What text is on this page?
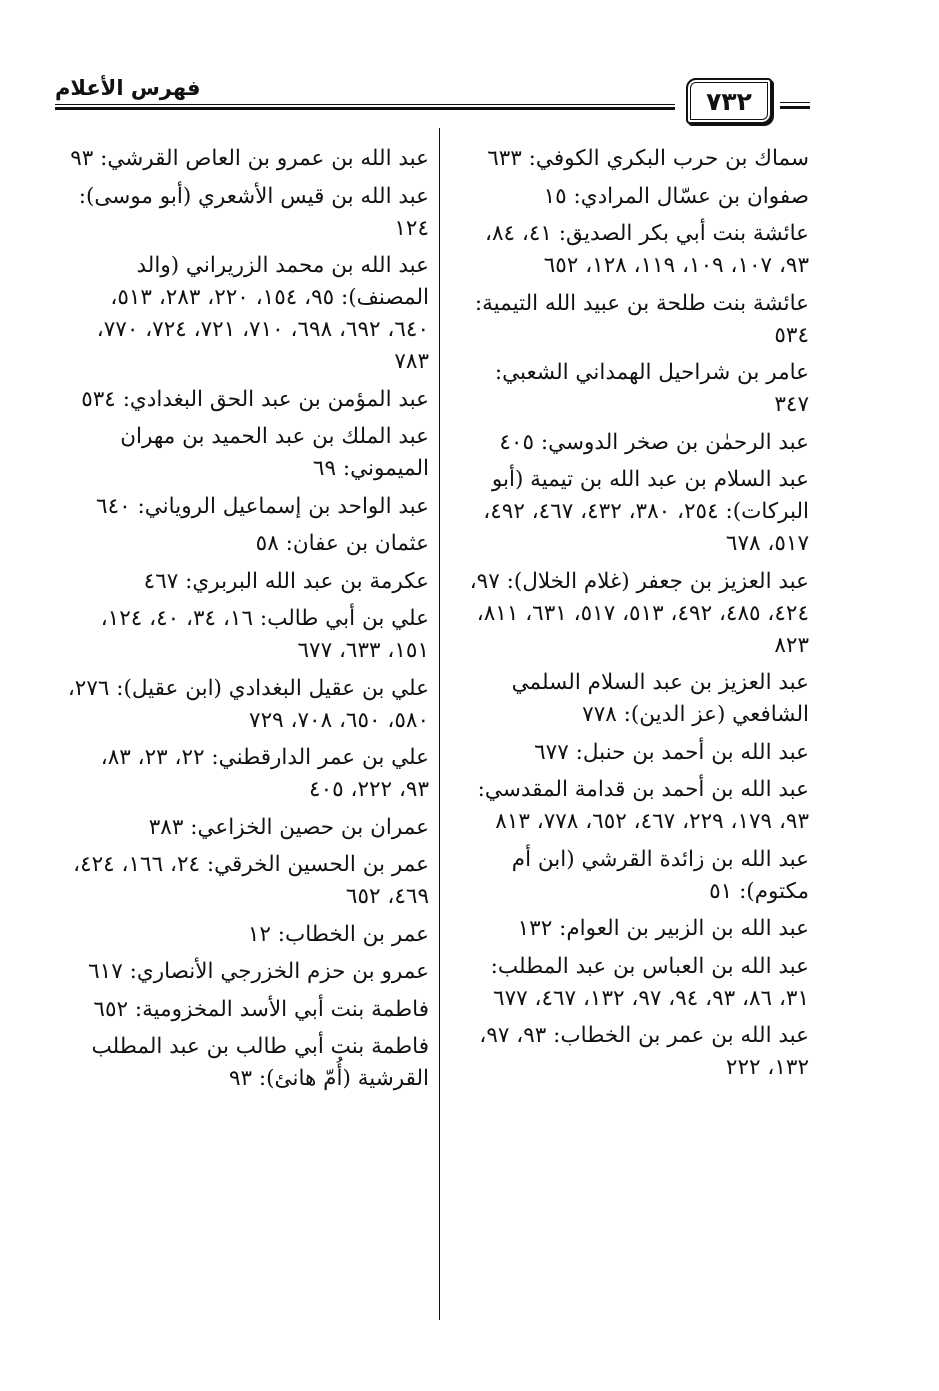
فهرس الأعلام	٧٣٢
سماك بن حرب البكري الكوفي: ٦٣٣
صفوان بن عسّال المرادي: ١٥
عائشة بنت أبي بكر الصديق: ٤١، ٨٤، ٩٣، ١٠٧، ١٠٩، ١١٩، ١٢٨، ٦٥٢
عائشة بنت طلحة بن عبيد الله التيمية: ٥٣٤
عامر بن شراحيل الهمداني الشعبي: ٣٤٧
عبد الرحمٰن بن صخر الدوسي: ٤٠٥
عبد السلام بن عبد الله بن تيمية (أبو البركات): ٢٥٤، ٣٨٠، ٤٣٢، ٤٦٧، ٤٩٢، ٥١٧، ٦٧٨
عبد العزيز بن جعفر (غلام الخلال): ٩٧، ٤٢٤، ٤٨٥، ٤٩٢، ٥١٣، ٥١٧، ٦٣١، ٨١١، ٨٢٣
عبد العزيز بن عبد السلام السلمي الشافعي (عز الدين): ٧٧٨
عبد الله بن أحمد بن حنبل: ٦٧٧
عبد الله بن أحمد بن قدامة المقدسي: ٩٣، ١٧٩، ٢٢٩، ٤٦٧، ٦٥٢، ٧٧٨، ٨١٣
عبد الله بن زائدة القرشي (ابن أم مكتوم): ٥١
عبد الله بن الزبير بن العوام: ١٣٢
عبد الله بن العباس بن عبد المطلب: ٣١، ٨٦، ٩٣، ٩٤، ٩٧، ١٣٢، ٤٦٧، ٦٧٧
عبد الله بن عمر بن الخطاب: ٩٣، ٩٧، ١٣٢، ٢٢٢
عبد الله بن عمرو بن العاص القرشي: ٩٣
عبد الله بن قيس الأشعري (أبو موسى): ١٢٤
عبد الله بن محمد الزريراني (والد المصنف): ٩٥، ١٥٤، ٢٢٠، ٢٨٣، ٥١٣، ٦٤٠، ٦٩٢، ٦٩٨، ٧١٠، ٧٢١، ٧٢٤، ٧٧٠، ٧٨٣
عبد المؤمن بن عبد الحق البغدادي: ٥٣٤
عبد الملك بن عبد الحميد بن مهران الميموني: ٦٩
عبد الواحد بن إسماعيل الروياني: ٦٤٠
عثمان بن عفان: ٥٨
عكرمة بن عبد الله البربري: ٤٦٧
علي بن أبي طالب: ١٦، ٣٤، ٤٠، ١٢٤، ١٥١، ٦٣٣، ٦٧٧
علي بن عقيل البغدادي (ابن عقيل): ٢٧٦، ٥٨٠، ٦٥٠، ٧٠٨، ٧٢٩
علي بن عمر الدارقطني: ٢٢، ٢٣، ٨٣، ٩٣، ٢٢٢، ٤٠٥
عمران بن حصين الخزاعي: ٣٨٣
عمر بن الحسين الخرقي: ٢٤، ١٦٦، ٤٢٤، ٤٦٩، ٦٥٢
عمر بن الخطاب: ١٢
عمرو بن حزم الخزرجي الأنصاري: ٦١٧
فاطمة بنت أبي الأسد المخزومية: ٦٥٢
فاطمة بنت أبي طالب بن عبد المطلب القرشية (أُمّ هانئ): ٩٣
